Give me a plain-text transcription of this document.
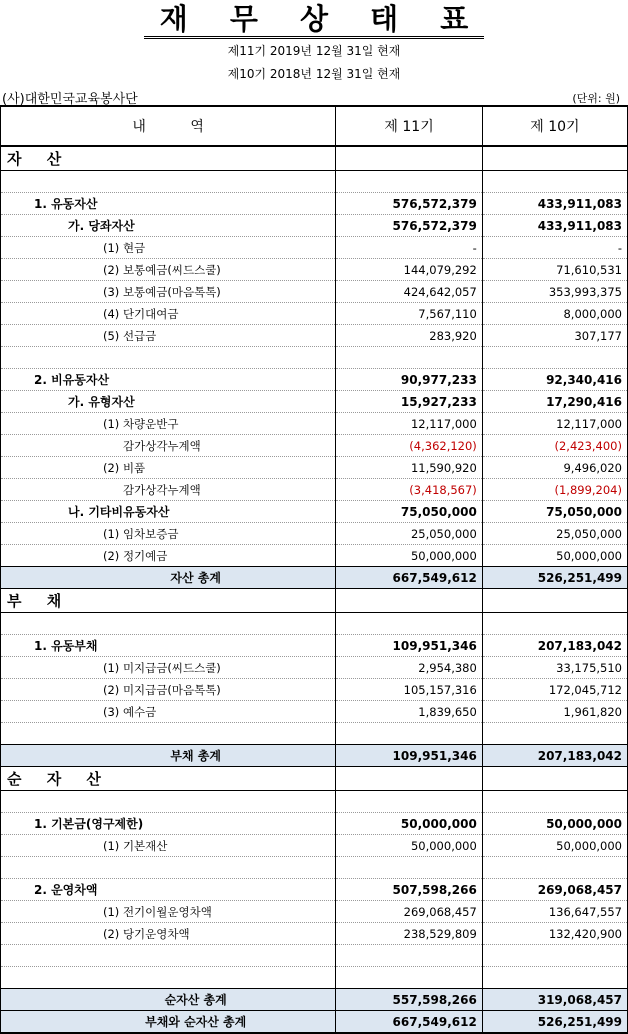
재 무 상 태 표
제11기 2019년 12월 31일 현재
제10기 2018년 12월 31일 현재
(사)대한민국교육봉사단	(단위: 원)
내 역	제 11기	제 10기
자 산		

1. 유동자산	576,572,379	433,911,083
가. 당좌자산	576,572,379	433,911,083
(1) 현금	-	-
(2) 보통예금(씨드스쿨)	144,079,292	71,610,531
(3) 보통예금(마음톡톡)	424,642,057	353,993,375
(4) 단기대여금	7,567,110	8,000,000
(5) 선급금	283,920	307,177

2. 비유동자산	90,977,233	92,340,416
가. 유형자산	15,927,233	17,290,416
(1) 차량운반구	12,117,000	12,117,000
감가상각누계액	(4,362,120)	(2,423,400)
(2) 비품	11,590,920	9,496,020
감가상각누계액	(3,418,567)	(1,899,204)
나. 기타비유동자산	75,050,000	75,050,000
(1) 임차보증금	25,050,000	25,050,000
(2) 정기예금	50,000,000	50,000,000
자산 총계	667,549,612	526,251,499
부 채		

1. 유동부채	109,951,346	207,183,042
(1) 미지급금(씨드스쿨)	2,954,380	33,175,510
(2) 미지급금(마음톡톡)	105,157,316	172,045,712
(3) 예수금	1,839,650	1,961,820

부채 총계	109,951,346	207,183,042
순 자 산		

1. 기본금(영구제한)	50,000,000	50,000,000
(1) 기본재산	50,000,000	50,000,000

2. 운영차액	507,598,266	269,068,457
(1) 전기이월운영차액	269,068,457	136,647,557
(2) 당기운영차액	238,529,809	132,420,900

순자산 총계	557,598,266	319,068,457
부채와 순자산 총계	667,549,612	526,251,499
